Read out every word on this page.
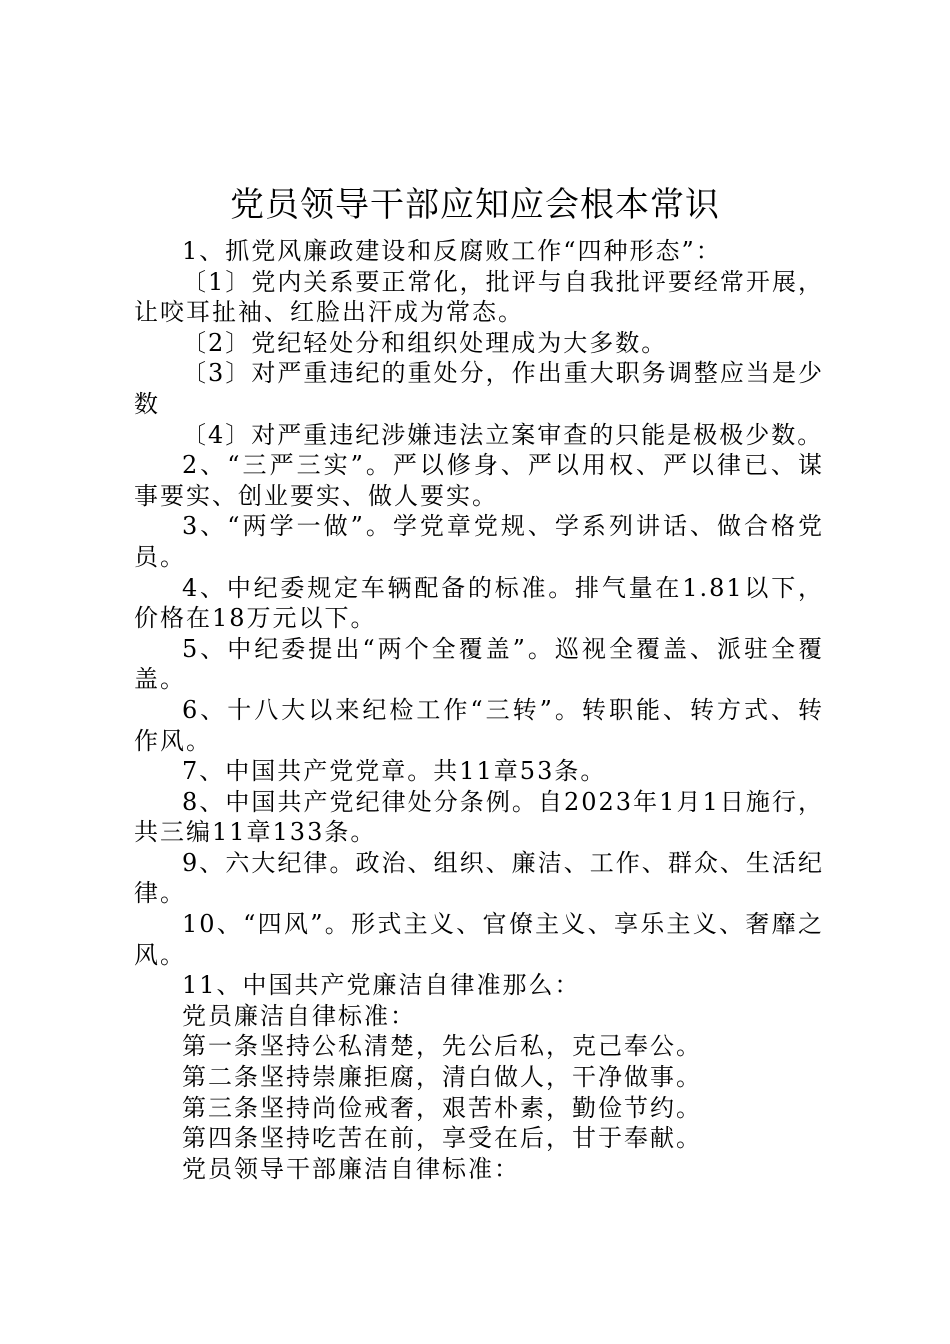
党员领导干部应知应会根本常识

1、抓党风廉政建设和反腐败工作“四种形态”：

〔1〕党内关系要正常化，批评与自我批评要经常开展，让咬耳扯袖、红脸出汗成为常态。

〔2〕党纪轻处分和组织处理成为大多数。

〔3〕对严重违纪的重处分，作出重大职务调整应当是少数

〔4〕对严重违纪涉嫌违法立案审查的只能是极极少数。

2、“三严三实”。严以修身、严以用权、严以律已、谋事要实、创业要实、做人要实。

3、“两学一做”。学党章党规、学系列讲话、做合格党员。

4、中纪委规定车辆配备的标准。排气量在1.81以下，价格在18万元以下。

5、中纪委提出“两个全覆盖”。巡视全覆盖、派驻全覆盖。

6、十八大以来纪检工作“三转”。转职能、转方式、转作风。

7、中国共产党党章。共11章53条。

8、中国共产党纪律处分条例。自2023年1月1日施行，共三编11章133条。

9、六大纪律。政治、组织、廉洁、工作、群众、生活纪律。

10、“四风”。形式主义、官僚主义、享乐主义、奢靡之风。

11、中国共产党廉洁自律准那么：

党员廉洁自律标准：

第一条坚持公私清楚，先公后私，克己奉公。

第二条坚持崇廉拒腐，清白做人，干净做事。

第三条坚持尚俭戒奢，艰苦朴素，勤俭节约。

第四条坚持吃苦在前，享受在后，甘于奉献。

党员领导干部廉洁自律标准：
